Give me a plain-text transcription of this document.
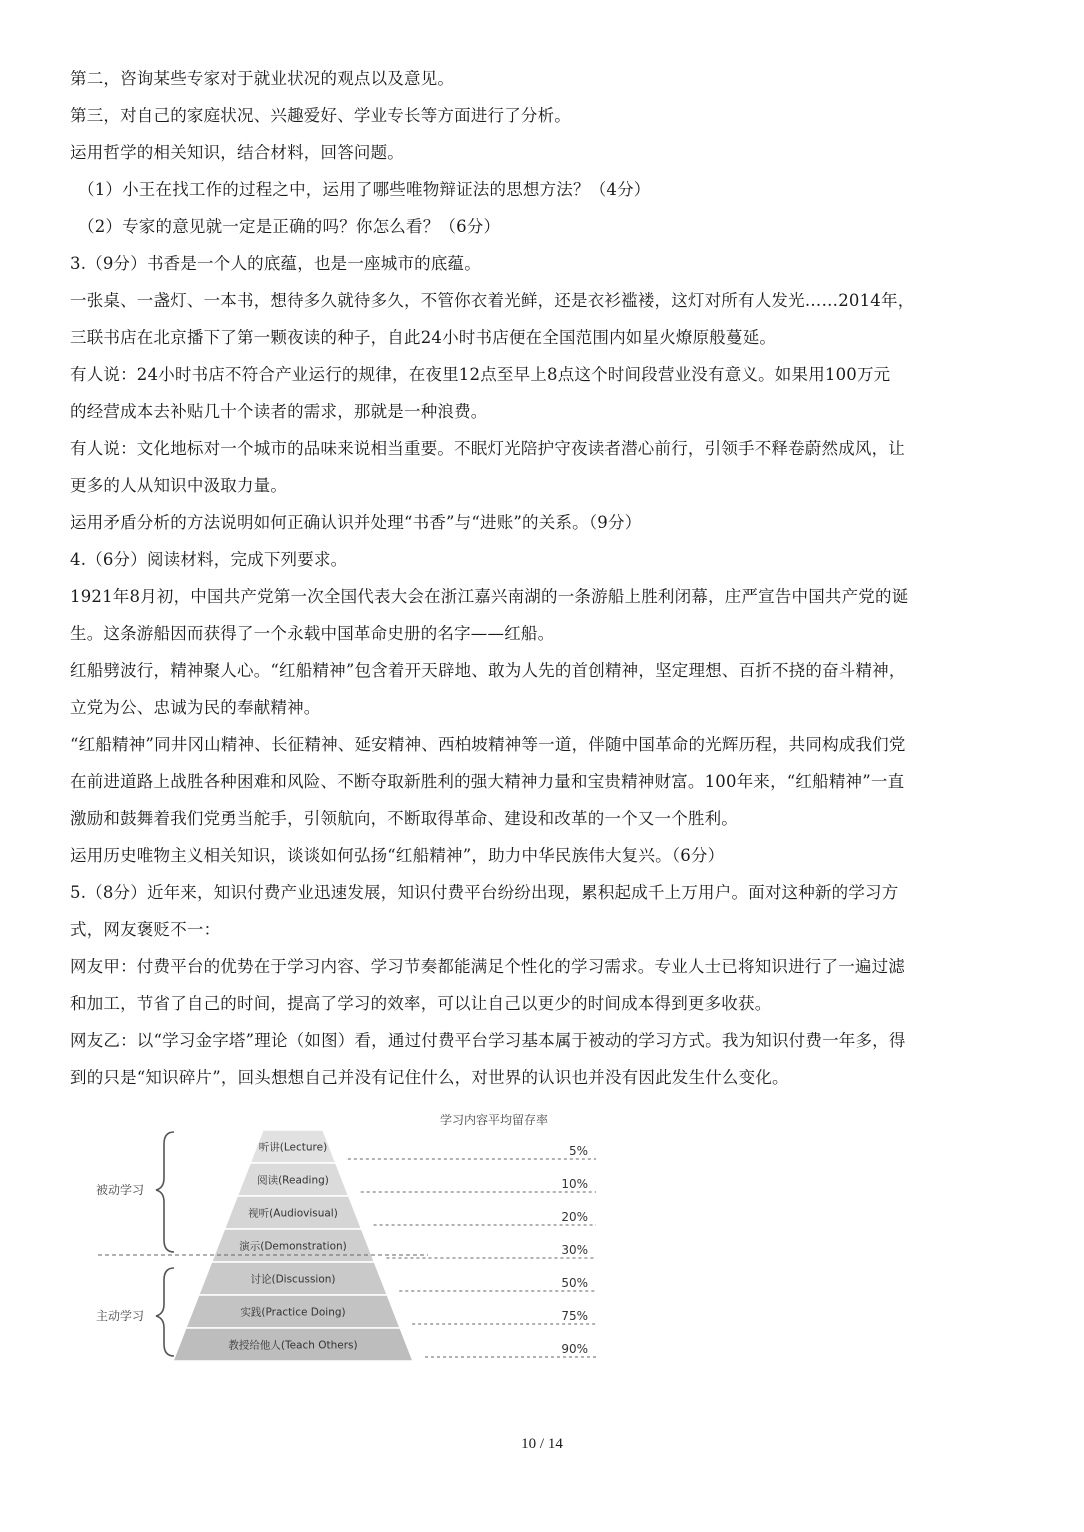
第二，咨询某些专家对于就业状况的观点以及意见。
第三，对自己的家庭状况、兴趣爱好、学业专长等方面进行了分析。
运用哲学的相关知识，结合材料，回答问题。
（1）小王在找工作的过程之中，运用了哪些唯物辩证法的思想方法？（4分）
（2）专家的意见就一定是正确的吗？你怎么看？（6分）
3.（9分）书香是一个人的底蕴，也是一座城市的底蕴。
一张桌、一盏灯、一本书，想待多久就待多久，不管你衣着光鲜，还是衣衫褴褛，这灯对所有人发光……2014年，
三联书店在北京播下了第一颗夜读的种子，自此24小时书店便在全国范围内如星火燎原般蔓延。
有人说：24小时书店不符合产业运行的规律，在夜里12点至早上8点这个时间段营业没有意义。如果用100万元
的经营成本去补贴几十个读者的需求，那就是一种浪费。
有人说：文化地标对一个城市的品味来说相当重要。不眠灯光陪护守夜读者潜心前行，引领手不释卷蔚然成风，让
更多的人从知识中汲取力量。
运用矛盾分析的方法说明如何正确认识并处理“书香”与“进账”的关系。（9分）
4.（6分）阅读材料，完成下列要求。
1921年8月初，中国共产党第一次全国代表大会在浙江嘉兴南湖的一条游船上胜利闭幕，庄严宣告中国共产党的诞
生。这条游船因而获得了一个永载中国革命史册的名字——红船。
红船劈波行，精神聚人心。“红船精神”包含着开天辟地、敢为人先的首创精神，坚定理想、百折不挠的奋斗精神，
立党为公、忠诚为民的奉献精神。
“红船精神”同井冈山精神、长征精神、延安精神、西柏坡精神等一道，伴随中国革命的光辉历程，共同构成我们党
在前进道路上战胜各种困难和风险、不断夺取新胜利的强大精神力量和宝贵精神财富。100年来，“红船精神”一直
激励和鼓舞着我们党勇当舵手，引领航向，不断取得革命、建设和改革的一个又一个胜利。
运用历史唯物主义相关知识，谈谈如何弘扬“红船精神”，助力中华民族伟大复兴。（6分）
5.（8分）近年来，知识付费产业迅速发展，知识付费平台纷纷出现，累积起成千上万用户。面对这种新的学习方
式，网友褒贬不一：
网友甲：付费平台的优势在于学习内容、学习节奏都能满足个性化的学习需求。专业人士已将知识进行了一遍过滤
和加工，节省了自己的时间，提高了学习的效率，可以让自己以更少的时间成本得到更多收获。
网友乙：以“学习金字塔”理论（如图）看，通过付费平台学习基本属于被动的学习方式。我为知识付费一年多，得
到的只是“知识碎片”，回头想想自己并没有记住什么，对世界的认识也并没有因此发生什么变化。
学习内容平均留存率
被动学习
主动学习
听讲(Lecture)	5%
阅读(Reading)	10%
视听(Audiovisual)	20%
演示(Demonstration)	30%
讨论(Discussion)	50%
实践(Practice Doing)	75%
教授给他人(Teach Others)	90%
10 / 14
